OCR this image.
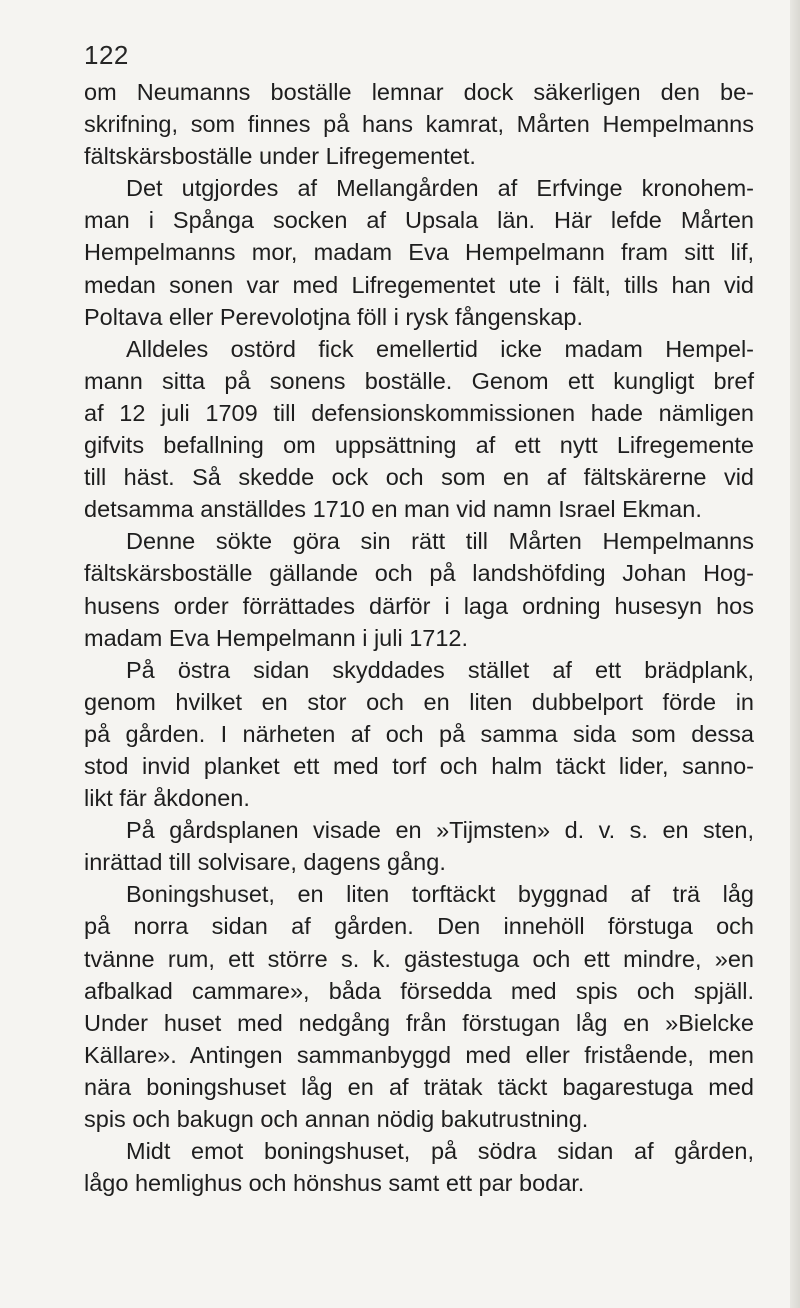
122
om Neumanns boställe lemnar dock säkerligen den be-
skrifning, som finnes på hans kamrat, Mårten Hempelmanns
fältskärsboställe under Lifregementet.
Det utgjordes af Mellangården af Erfvinge kronohem-
man i Spånga socken af Upsala län. Här lefde Mårten
Hempelmanns mor, madam Eva Hempelmann fram sitt lif,
medan sonen var med Lifregementet ute i fält, tills han vid
Poltava eller Perevolotjna föll i rysk fångenskap.
Alldeles ostörd fick emellertid icke madam Hempel-
mann sitta på sonens boställe. Genom ett kungligt bref
af 12 juli 1709 till defensionskommissionen hade nämligen
gifvits befallning om uppsättning af ett nytt Lifregemente
till häst. Så skedde ock och som en af fältskärerne vid
detsamma anställdes 1710 en man vid namn Israel Ekman.
Denne sökte göra sin rätt till Mårten Hempelmanns
fältskärsboställe gällande och på landshöfding Johan Hog-
husens order förrättades därför i laga ordning husesyn hos
madam Eva Hempelmann i juli 1712.
På östra sidan skyddades stället af ett brädplank,
genom hvilket en stor och en liten dubbelport förde in
på gården. I närheten af och på samma sida som dessa
stod invid planket ett med torf och halm täckt lider, sanno-
likt fär åkdonen.
På gårdsplanen visade en »Tijmsten» d. v. s. en sten,
inrättad till solvisare, dagens gång.
Boningshuset, en liten torftäckt byggnad af trä låg
på norra sidan af gården. Den innehöll förstuga och
tvänne rum, ett större s. k. gästestuga och ett mindre, »en
afbalkad cammare», båda försedda med spis och spjäll.
Under huset med nedgång från förstugan låg en »Bielcke
Källare». Antingen sammanbyggd med eller fristående, men
nära boningshuset låg en af trätak täckt bagarestuga med
spis och bakugn och annan nödig bakutrustning.
Midt emot boningshuset, på södra sidan af gården,
lågo hemlighus och hönshus samt ett par bodar.
